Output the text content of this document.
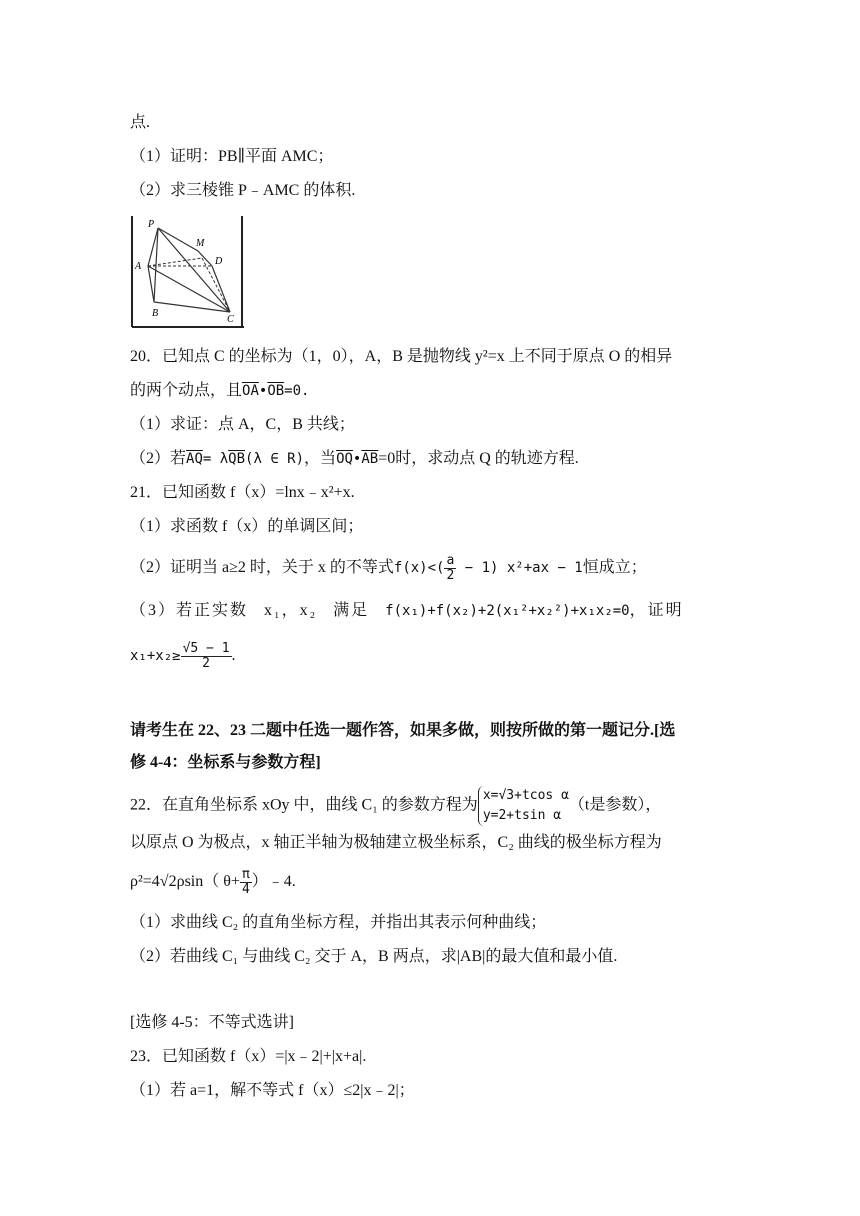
点.
（1）证明：PB∥平面 AMC；
（2）求三棱锥 P﹣AMC 的体积.
P
M
D
A
B
C
20．已知点 C 的坐标为（1，0），A，B 是抛物线 y²=x 上不同于原点 O 的相异
的两个动点，且$\overline{OA}•\overline{OB}=0$.
（1）求证：点 A，C，B 共线；
（2）若$\overline{AQ}= \lambda\overline{QB}(\lambda$ ∈ R)，当$\overline{OQ}•\overline{AB}=0$时，求动点 Q 的轨迹方程.
21．已知函数 f（x）=lnx﹣x²+x.
（1）求函数 f（x）的单调区间；
（2）证明当 a≥2 时，关于 x 的不等式$f(x)<( \frac{a}{2} - 1)$ x²+ax − 1恒成立；
（3）若正实数 x₁，x₂ 满足 f(x₁)+f(x₂)+2(x₁²+x₂²)+x₁x₂=0，证明
$x_1+x_2\ge \frac{√5 - 1}{2}$ .
请考生在 22、23 二题中任选一题作答，如果多做，则按所做的第一题记分.[选
修 4-4：坐标系与参数方程]
22．在直角坐标系 xOy 中，曲线 C₁ 的参数方程为
x=√3+tcos α
y=2+tsin α
（t是参数），
以原点 O 为极点，x 轴正半轴为极轴建立极坐标系，C₂ 曲线的极坐标方程为
ρ²=4√2ρsin（ $\theta+ \frac{\pi}{4}$ ）﹣4.
（1）求曲线 C₂ 的直角坐标方程，并指出其表示何种曲线；
（2）若曲线 C₁ 与曲线 C₂ 交于 A，B 两点，求|AB|的最大值和最小值.
[选修 4-5：不等式选讲]
23．已知函数 f（x）=|x﹣2|+|x+a|.
（1）若 a=1，解不等式 f（x）≤2|x﹣2|；
